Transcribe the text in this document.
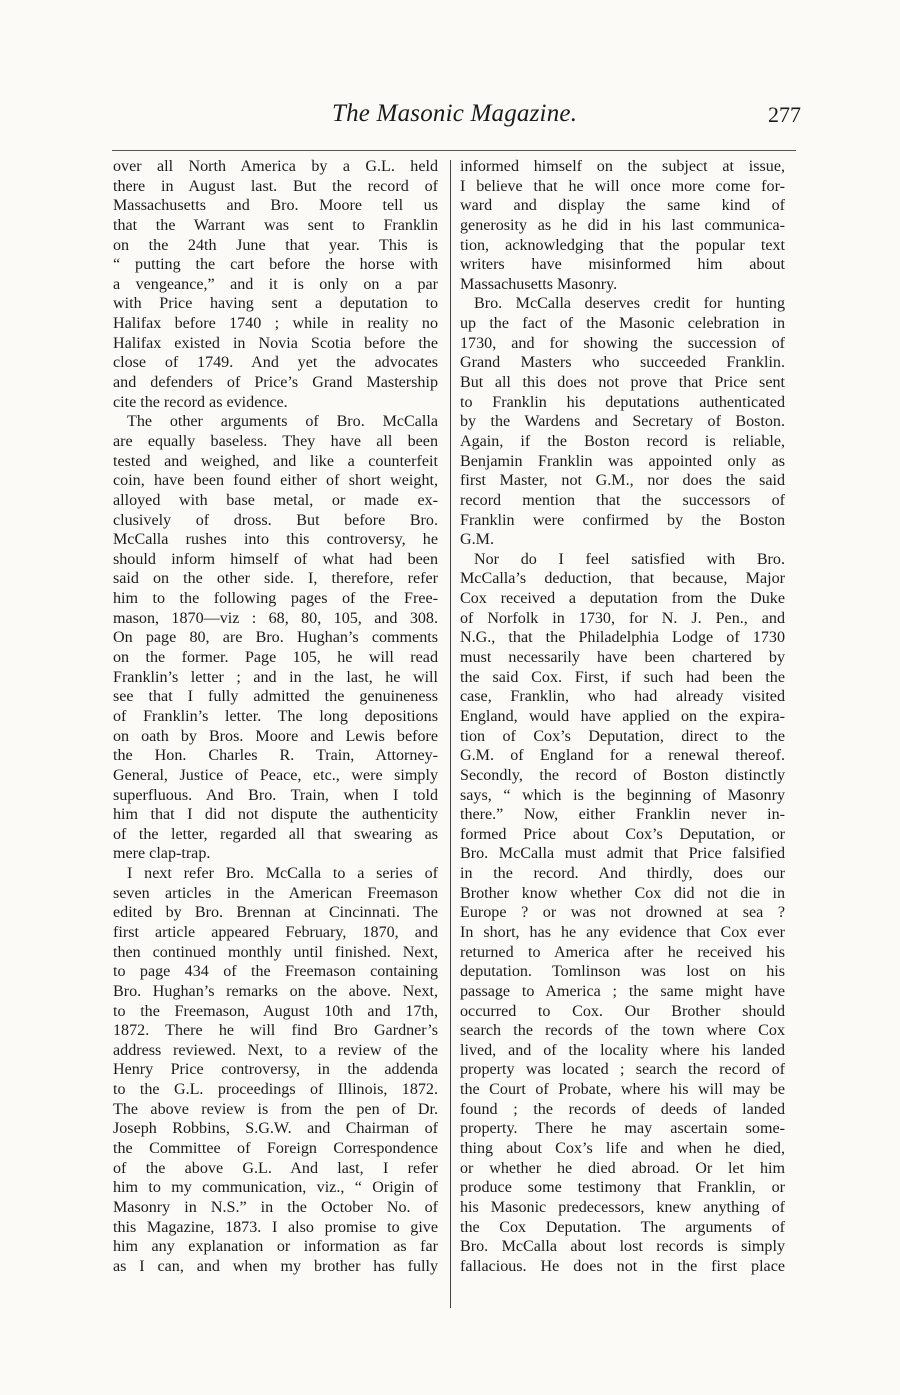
The Masonic Magazine.	277
over all North America by a G.L. held
there in August last. But the record of
Massachusetts and Bro. Moore tell us
that the Warrant was sent to Franklin
on the 24th June that year. This is
“ putting the cart before the horse with
a vengeance,” and it is only on a par
with Price having sent a deputation to
Halifax before 1740 ; while in reality no
Halifax existed in Novia Scotia before the
close of 1749. And yet the advocates
and defenders of Price’s Grand Mastership
cite the record as evidence.
The other arguments of Bro. McCalla
are equally baseless. They have all been
tested and weighed, and like a counterfeit
coin, have been found either of short weight,
alloyed with base metal, or made ex-
clusively of dross. But before Bro.
McCalla rushes into this controversy, he
should inform himself of what had been
said on the other side. I, therefore, refer
him to the following pages of the Free-
mason, 1870—viz : 68, 80, 105, and 308.
On page 80, are Bro. Hughan’s comments
on the former. Page 105, he will read
Franklin’s letter ; and in the last, he will
see that I fully admitted the genuineness
of Franklin’s letter. The long depositions
on oath by Bros. Moore and Lewis before
the Hon. Charles R. Train, Attorney-
General, Justice of Peace, etc., were simply
superfluous. And Bro. Train, when I told
him that I did not dispute the authenticity
of the letter, regarded all that swearing as
mere clap-trap.
I next refer Bro. McCalla to a series of
seven articles in the American Freemason
edited by Bro. Brennan at Cincinnati. The
first article appeared February, 1870, and
then continued monthly until finished. Next,
to page 434 of the Freemason containing
Bro. Hughan’s remarks on the above. Next,
to the Freemason, August 10th and 17th,
1872. There he will find Bro Gardner’s
address reviewed. Next, to a review of the
Henry Price controversy, in the addenda
to the G.L. proceedings of Illinois, 1872.
The above review is from the pen of Dr.
Joseph Robbins, S.G.W. and Chairman of
the Committee of Foreign Correspondence
of the above G.L. And last, I refer
him to my communication, viz., “ Origin of
Masonry in N.S.” in the October No. of
this Magazine, 1873. I also promise to give
him any explanation or information as far
as I can, and when my brother has fully
informed himself on the subject at issue,
I believe that he will once more come for-
ward and display the same kind of
generosity as he did in his last communica-
tion, acknowledging that the popular text
writers have misinformed him about
Massachusetts Masonry.
Bro. McCalla deserves credit for hunting
up the fact of the Masonic celebration in
1730, and for showing the succession of
Grand Masters who succeeded Franklin.
But all this does not prove that Price sent
to Franklin his deputations authenticated
by the Wardens and Secretary of Boston.
Again, if the Boston record is reliable,
Benjamin Franklin was appointed only as
first Master, not G.M., nor does the said
record mention that the successors of
Franklin were confirmed by the Boston
G.M.
Nor do I feel satisfied with Bro.
McCalla’s deduction, that because, Major
Cox received a deputation from the Duke
of Norfolk in 1730, for N. J. Pen., and
N.G., that the Philadelphia Lodge of 1730
must necessarily have been chartered by
the said Cox. First, if such had been the
case, Franklin, who had already visited
England, would have applied on the expira-
tion of Cox’s Deputation, direct to the
G.M. of England for a renewal thereof.
Secondly, the record of Boston distinctly
says, “ which is the beginning of Masonry
there.” Now, either Franklin never in-
formed Price about Cox’s Deputation, or
Bro. McCalla must admit that Price falsified
in the record. And thirdly, does our
Brother know whether Cox did not die in
Europe ? or was not drowned at sea ?
In short, has he any evidence that Cox ever
returned to America after he received his
deputation. Tomlinson was lost on his
passage to America ; the same might have
occurred to Cox. Our Brother should
search the records of the town where Cox
lived, and of the locality where his landed
property was located ; search the record of
the Court of Probate, where his will may be
found ; the records of deeds of landed
property. There he may ascertain some-
thing about Cox’s life and when he died,
or whether he died abroad. Or let him
produce some testimony that Franklin, or
his Masonic predecessors, knew anything of
the Cox Deputation. The arguments of
Bro. McCalla about lost records is simply
fallacious. He does not in the first place
